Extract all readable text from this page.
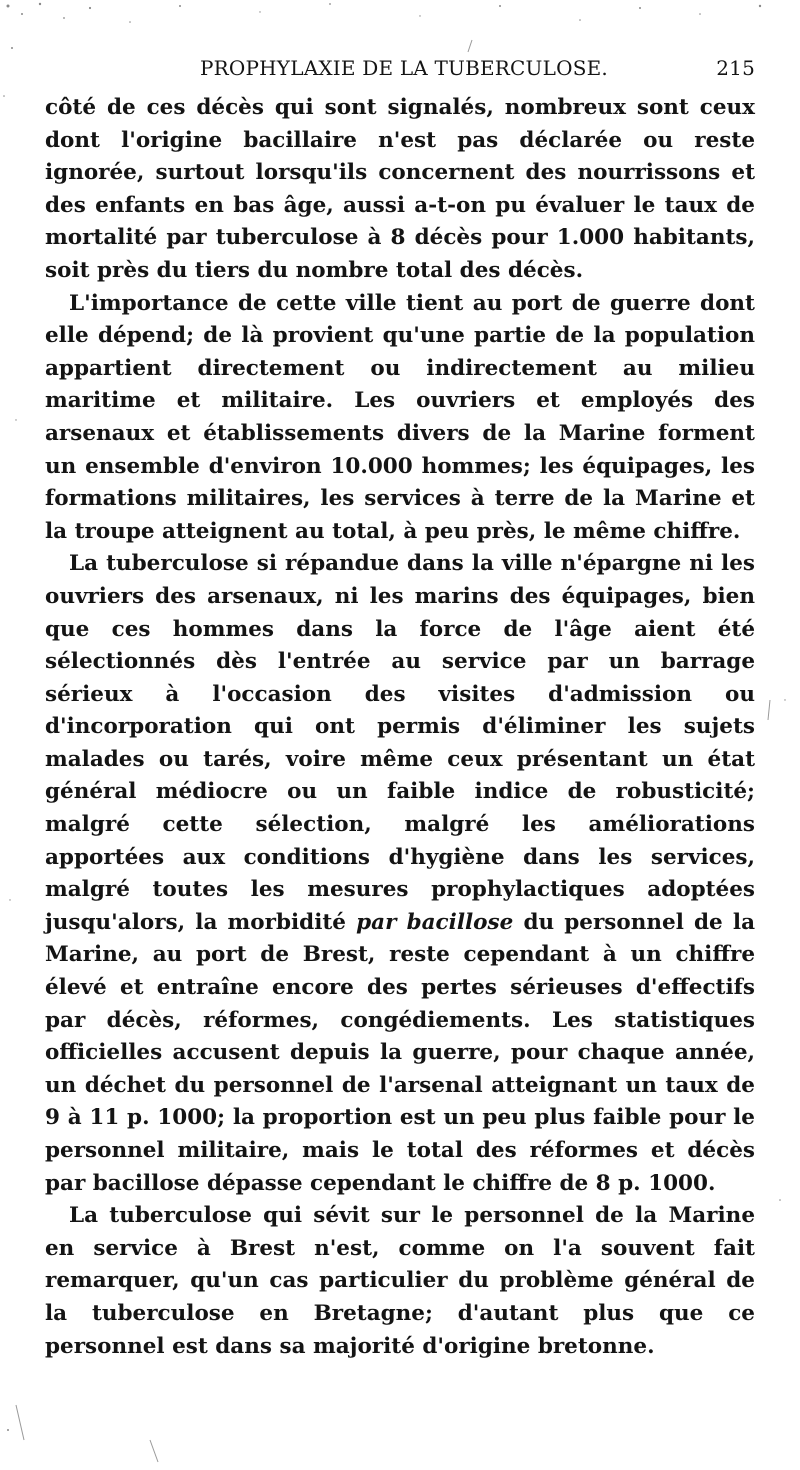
PROPHYLAXIE DE LA TUBERCULOSE.	215

côté de ces décès qui sont signalés, nombreux sont ceux dont l'origine bacillaire n'est pas déclarée ou reste ignorée, surtout lorsqu'ils concernent des nourrissons et des enfants en bas âge, aussi a-t-on pu évaluer le taux de mortalité par tuberculose à 8 décès pour 1.000 habitants, soit près du tiers du nombre total des décès.

L'importance de cette ville tient au port de guerre dont elle dépend; de là provient qu'une partie de la population appartient directement ou indirectement au milieu maritime et militaire. Les ouvriers et employés des arsenaux et établissements divers de la Marine forment un ensemble d'environ 10.000 hommes; les équipages, les formations militaires, les services à terre de la Marine et la troupe atteignent au total, à peu près, le même chiffre.

La tuberculose si répandue dans la ville n'épargne ni les ouvriers des arsenaux, ni les marins des équipages, bien que ces hommes dans la force de l'âge aient été sélectionnés dès l'entrée au service par un barrage sérieux à l'occasion des visites d'admission ou d'incorporation qui ont permis d'éliminer les sujets malades ou tarés, voire même ceux présentant un état général médiocre ou un faible indice de robusticité; malgré cette sélection, malgré les améliorations apportées aux conditions d'hygiène dans les services, malgré toutes les mesures prophylactiques adoptées jusqu'alors, la morbidité par bacillose du personnel de la Marine, au port de Brest, reste cependant à un chiffre élevé et entraîne encore des pertes sérieuses d'effectifs par décès, réformes, congédiements. Les statistiques officielles accusent depuis la guerre, pour chaque année, un déchet du personnel de l'arsenal atteignant un taux de 9 à 11 p. 1000; la proportion est un peu plus faible pour le personnel militaire, mais le total des réformes et décès par bacillose dépasse cependant le chiffre de 8 p. 1000.

La tuberculose qui sévit sur le personnel de la Marine en service à Brest n'est, comme on l'a souvent fait remarquer, qu'un cas particulier du problème général de la tuberculose en Bretagne; d'autant plus que ce personnel est dans sa majorité d'origine bretonne.
